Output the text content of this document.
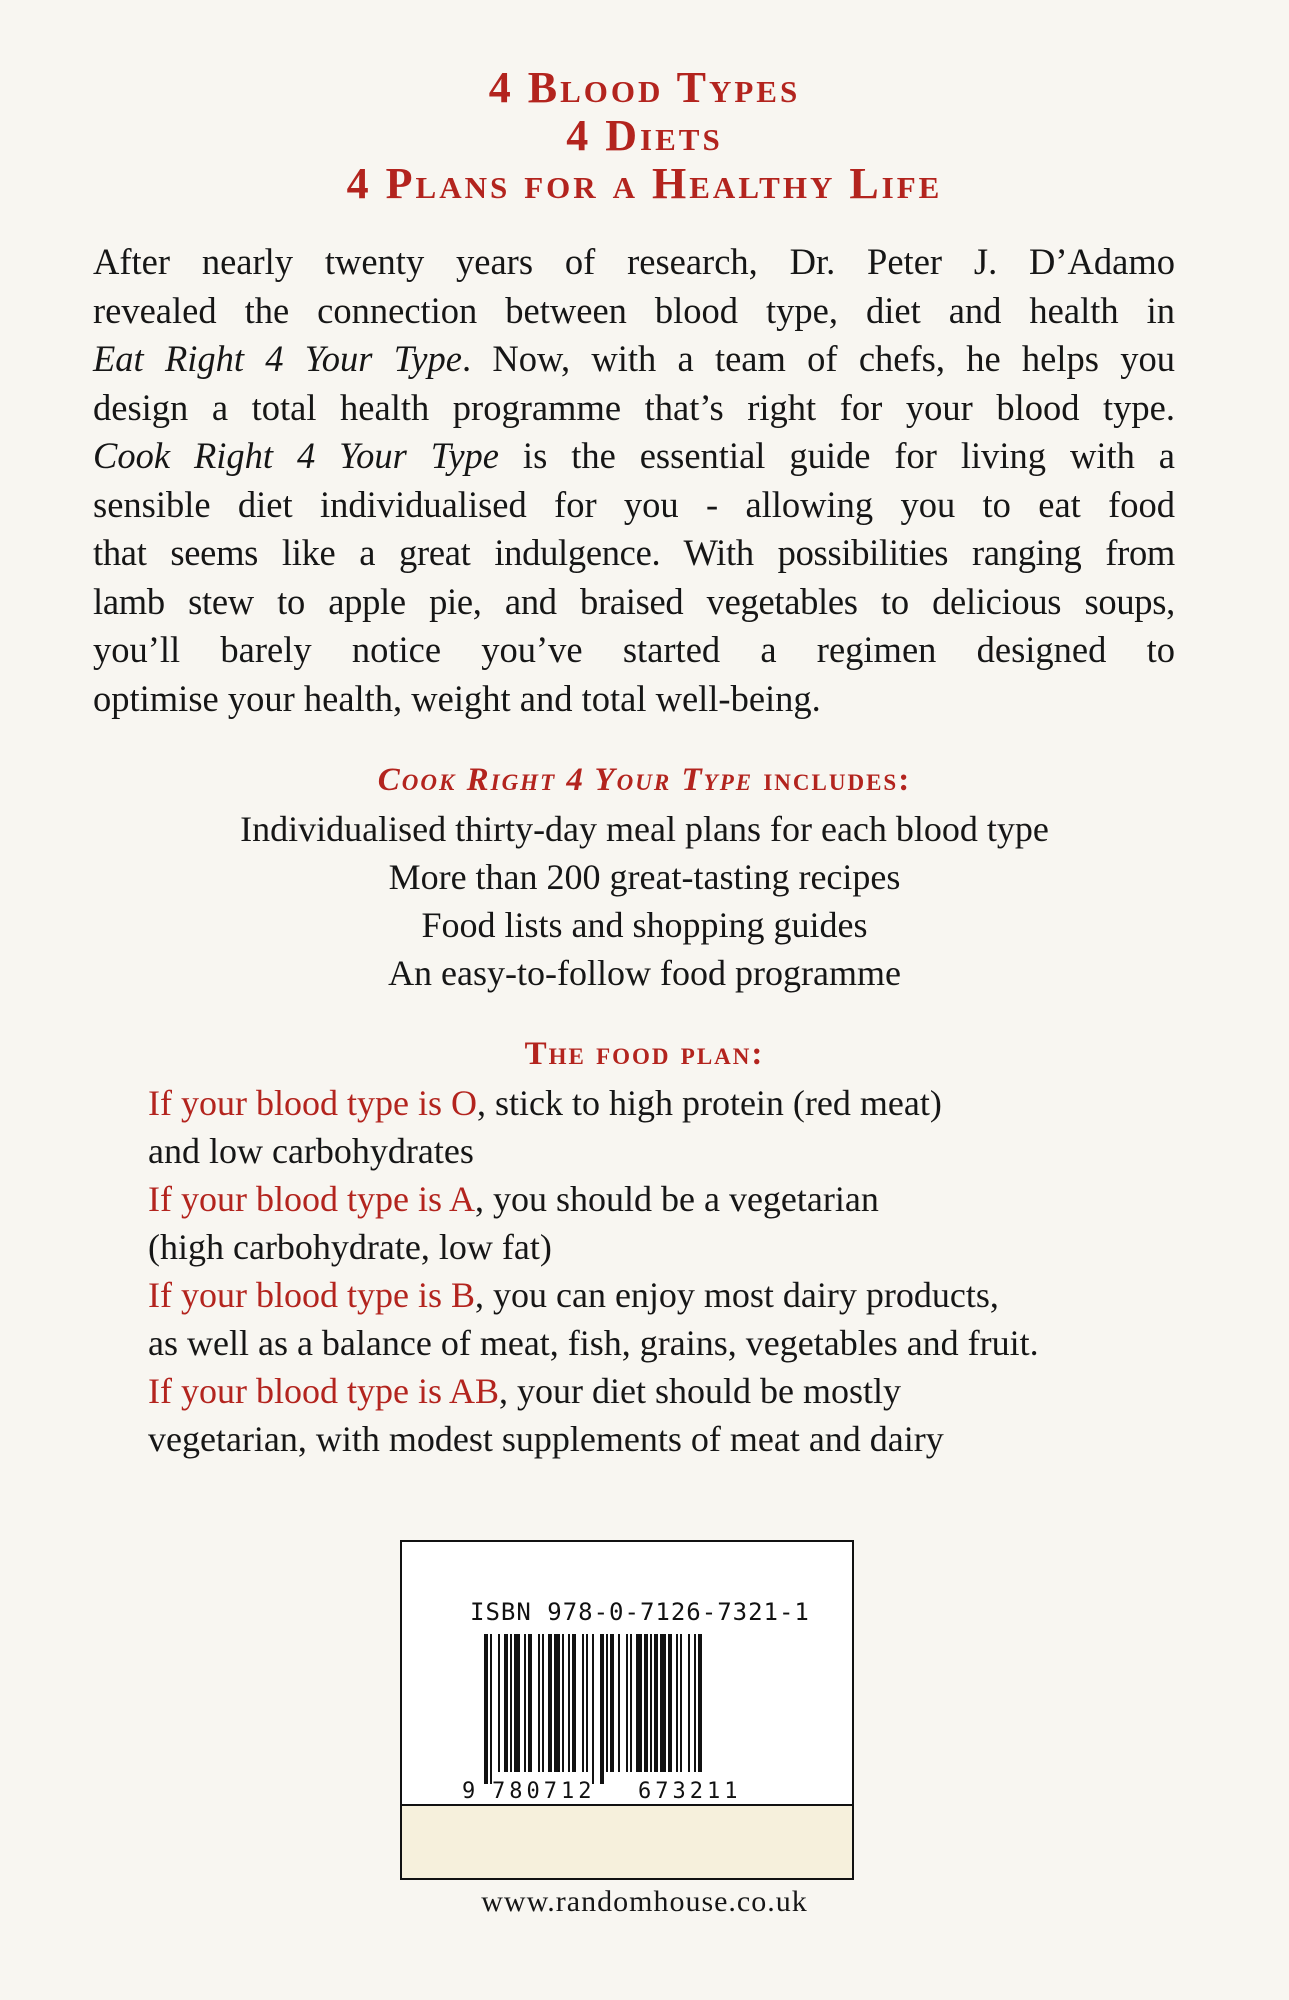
4 Blood Types
4 Diets
4 Plans for a Healthy Life
After nearly twenty years of research, Dr. Peter J. D’Adamo
revealed the connection between blood type, diet and health in
Eat Right 4 Your Type. Now, with a team of chefs, he helps you
design a total health programme that’s right for your blood type.
Cook Right 4 Your Type is the essential guide for living with a
sensible diet individualised for you - allowing you to eat food
that seems like a great indulgence. With possibilities ranging from
lamb stew to apple pie, and braised vegetables to delicious soups,
you’ll barely notice you’ve started a regimen designed to
optimise your health, weight and total well-being.
Cook Right 4 Your Type includes:
Individualised thirty-day meal plans for each blood type
More than 200 great-tasting recipes
Food lists and shopping guides
An easy-to-follow food programme
The food plan:
If your blood type is O, stick to high protein (red meat)
and low carbohydrates
If your blood type is A, you should be a vegetarian
(high carbohydrate, low fat)
If your blood type is B, you can enjoy most dairy products,
as well as a balance of meat, fish, grains, vegetables and fruit.
If your blood type is AB, your diet should be mostly
vegetarian, with modest supplements of meat and dairy
ISBN 978-0-7126-7321-1
9 780712 673211
www.randomhouse.co.uk
